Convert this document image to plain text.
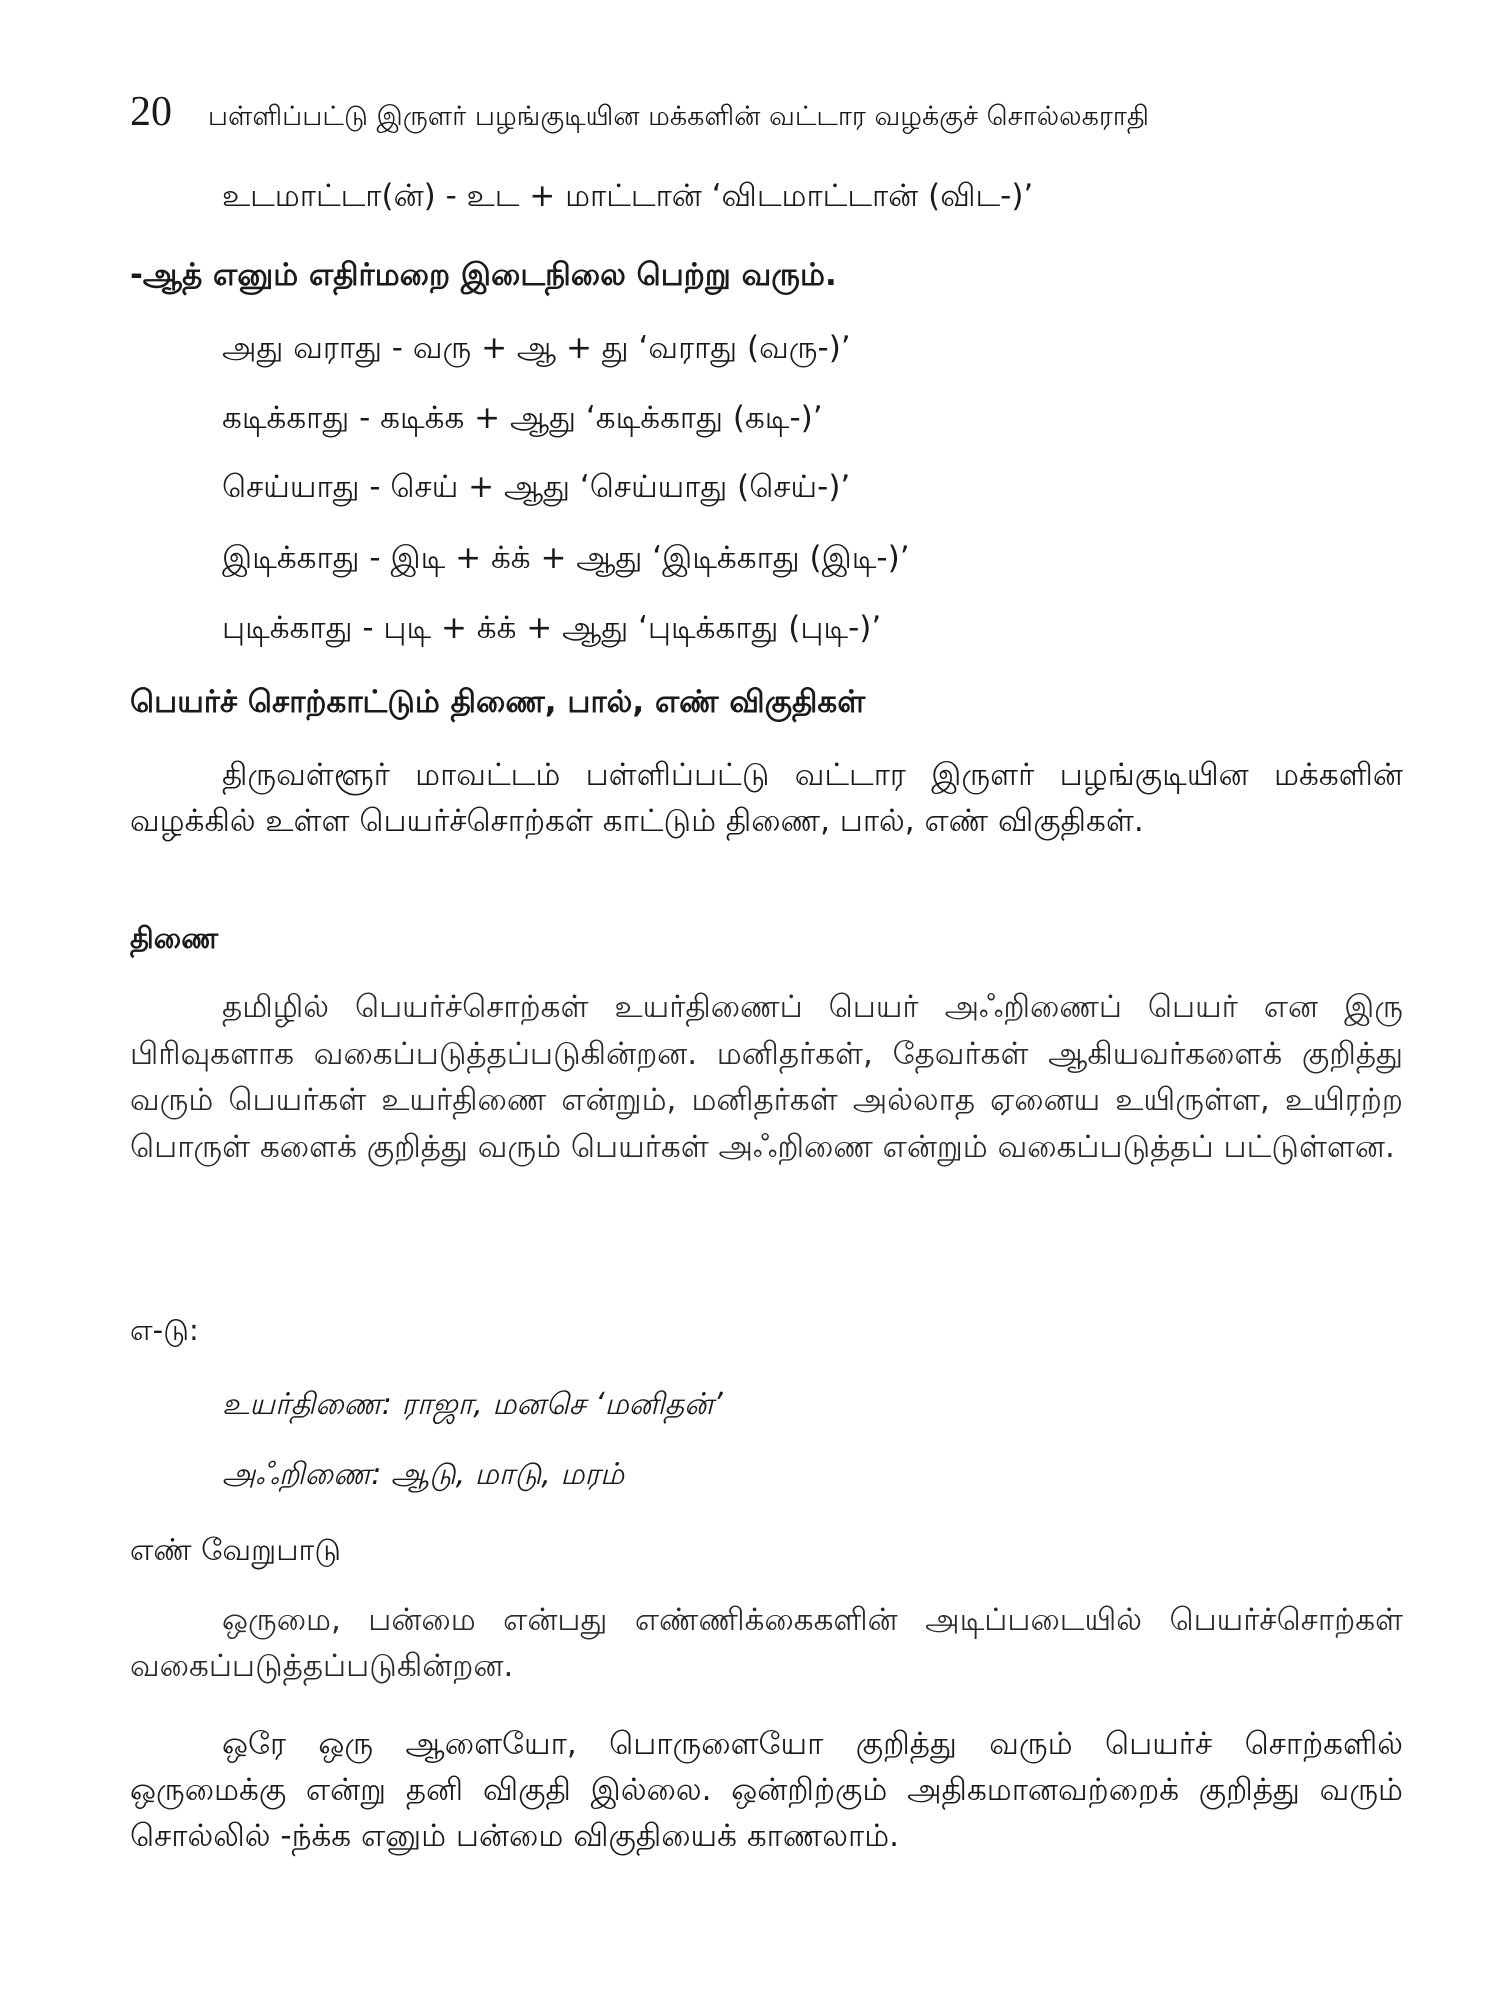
20 பள்ளிப்பட்டு இருளர் பழங்குடியின மக்களின் வட்டார வழக்குச் சொல்லகராதி
உடமாட்டா(ன்) - உட + மாட்டான் ‘விடமாட்டான் (விட-)’
-ஆத் எனும் எதிர்மறை இடைநிலை பெற்று வரும்.
அது வராது - வரு + ஆ + து ‘வராது (வரு-)’
கடிக்காது - கடிக்க + ஆது ‘கடிக்காது (கடி-)’
செய்யாது - செய் + ஆது ‘செய்யாது (செய்-)’
இடிக்காது - இடி + க்க் + ஆது ‘இடிக்காது (இடி-)’
புடிக்காது - புடி + க்க் + ஆது ‘புடிக்காது (புடி-)’
பெயர்ச் சொற்காட்டும் திணை, பால், எண் விகுதிகள்

திருவள்ளூர் மாவட்டம் பள்ளிப்பட்டு வட்டார இருளர் பழங்குடியின மக்களின் வழக்கில் உள்ள பெயர்ச்சொற்கள் காட்டும் திணை, பால், எண் விகுதிகள்.

திணை

தமிழில் பெயர்ச்சொற்கள் உயர்திணைப் பெயர் அஃறிணைப் பெயர் என இரு பிரிவுகளாக வகைப்படுத்தப்படுகின்றன. மனிதர்கள், தேவர்கள் ஆகியவர்களைக் குறித்து வரும் பெயர்கள் உயர்திணை என்றும், மனிதர்கள் அல்லாத ஏனைய உயிருள்ள, உயிரற்ற பொருள் களைக் குறித்து வரும் பெயர்கள் அஃறிணை என்றும் வகைப்படுத்தப் பட்டுள்ளன.

எ-டு:
உயர்திணை: ராஜா, மனசெ ‘மனிதன்’
அஃறிணை: ஆடு, மாடு, மரம்
எண் வேறுபாடு

ஒருமை, பன்மை என்பது எண்ணிக்கைகளின் அடிப்படையில் பெயர்ச்சொற்கள் வகைப்படுத்தப்படுகின்றன.

ஒரே ஒரு ஆளையோ, பொருளையோ குறித்து வரும் பெயர்ச் சொற்களில் ஒருமைக்கு என்று தனி விகுதி இல்லை. ஒன்றிற்கும் அதிகமானவற்றைக் குறித்து வரும் சொல்லில் -ந்க்க எனும் பன்மை விகுதியைக் காணலாம்.
